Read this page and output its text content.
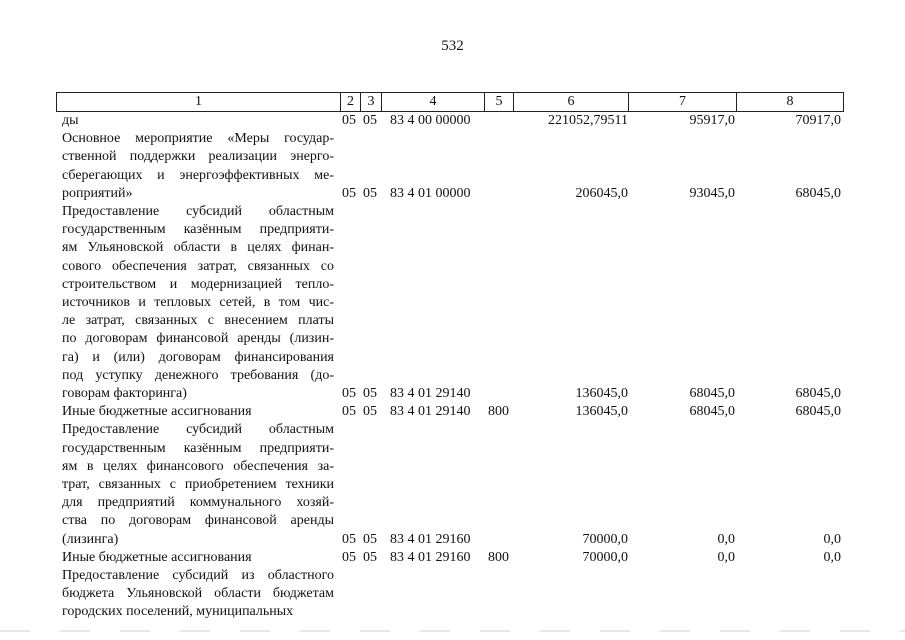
532
1	2 3	4	5	6	7	8
ды	05 05 83 4 00 00000	221052,79511	95917,0	70917,0
Основное мероприятие «Меры государ-
ственной поддержки реализации энерго-
сберегающих и энергоэффективных ме-
роприятий»	05 05 83 4 01 00000	206045,0	93045,0	68045,0
Предоставление субсидий областным
государственным казённым предприяти-
ям Ульяновской области в целях финан-
сового обеспечения затрат, связанных со
строительством и модернизацией тепло-
источников и тепловых сетей, в том чис-
ле затрат, связанных с внесением платы
по договорам финансовой аренды (лизин-
га) и (или) договорам финансирования
под уступку денежного требования (до-
говорам факторинга)	05 05 83 4 01 29140	136045,0	68045,0	68045,0
Иные бюджетные ассигнования	05 05 83 4 01 29140 800	136045,0	68045,0	68045,0
Предоставление субсидий областным
государственным казённым предприяти-
ям в целях финансового обеспечения за-
трат, связанных с приобретением техники
для предприятий коммунального хозяй-
ства по договорам финансовой аренды
(лизинга)	05 05 83 4 01 29160	70000,0	0,0	0,0
Иные бюджетные ассигнования	05 05 83 4 01 29160 800	70000,0	0,0	0,0
Предоставление субсидий из областного
бюджета Ульяновской области бюджетам
городских поселений, муниципальных
